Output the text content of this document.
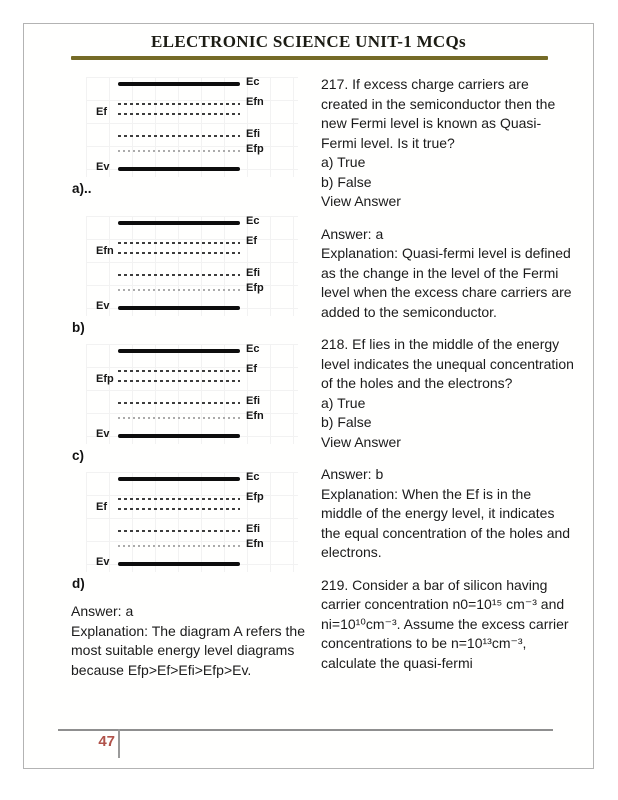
ELECTRONIC SCIENCE UNIT-1 MCQs
Ec
Efn
Ef
Efi
Efp
Ev
a)..
Ec
Ef
Efn
Efi
Efp
Ev
b)
Ec
Ef
Efp
Efi
Efn
Ev
c)
Ec
Efp
Ef
Efi
Efn
Ev
d)
Answer: a
Explanation: The diagram A refers the most suitable energy level diagrams because Efp>Ef>Efi>Efp>Ev.
217. If excess charge carriers are created in the semiconductor then the new Fermi level is known as Quasi-Fermi level. Is it true?
a) True
b) False
View Answer
Answer: a
Explanation: Quasi-fermi level is defined as the change in the level of the Fermi level when the excess chare carriers are added to the semiconductor.
218. Ef lies in the middle of the energy level indicates the unequal concentration of the holes and the electrons?
a) True
b) False
View Answer
Answer: b
Explanation: When the Ef is in the middle of the energy level, it indicates the equal concentration of the holes and electrons.
219. Consider a bar of silicon having carrier concentration n0=10¹⁵ cm⁻³ and ni=10¹⁰cm⁻³. Assume the excess carrier concentrations to be n=10¹³cm⁻³, calculate the quasi-fermi
47
